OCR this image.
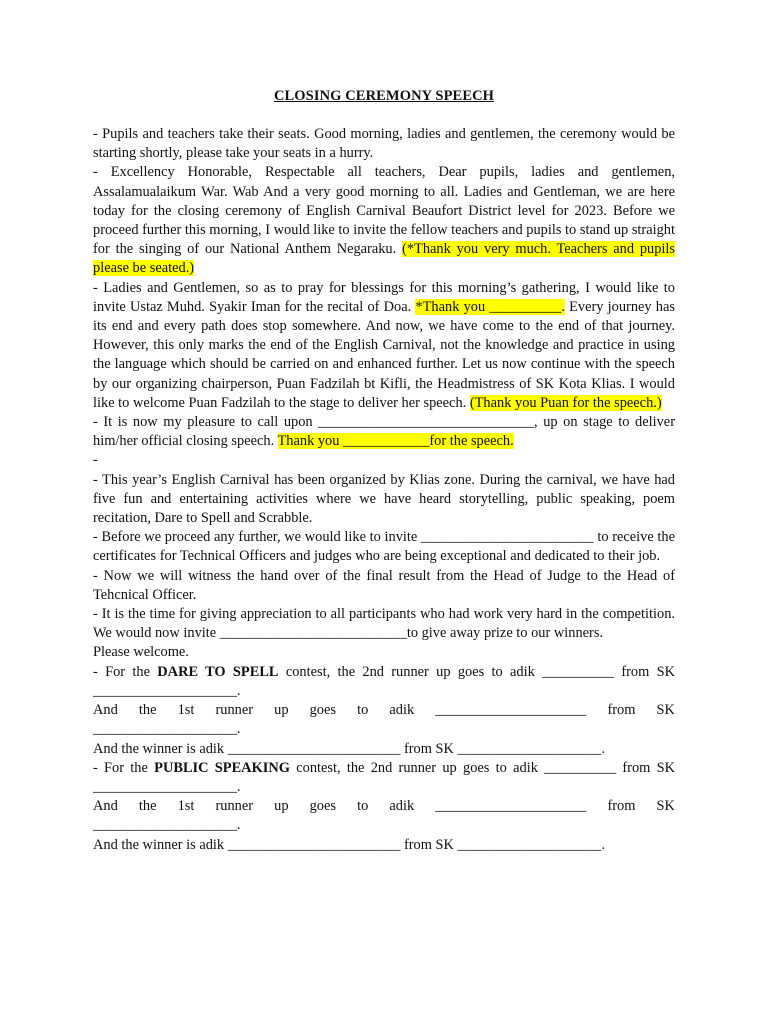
CLOSING CEREMONY SPEECH

- Pupils and teachers take their seats. Good morning, ladies and gentlemen, the ceremony would be starting shortly, please take your seats in a hurry.

- Excellency Honorable, Respectable all teachers, Dear pupils, ladies and gentlemen, Assalamualaikum War. Wab And a very good morning to all. Ladies and Gentleman, we are here today for the closing ceremony of English Carnival Beaufort District level for 2023. Before we proceed further this morning, I would like to invite the fellow teachers and pupils to stand up straight for the singing of our National Anthem Negaraku. (*Thank you very much. Teachers and pupils please be seated.)

- Ladies and Gentlemen, so as to pray for blessings for this morning’s gathering, I would like to invite Ustaz Muhd. Syakir Iman for the recital of Doa. *Thank you __________. Every journey has its end and every path does stop somewhere. And now, we have come to the end of that journey. However, this only marks the end of the English Carnival, not the knowledge and practice in using the language which should be carried on and enhanced further. Let us now continue with the speech by our organizing chairperson, Puan Fadzilah bt Kifli, the Headmistress of SK Kota Klias. I would like to welcome Puan Fadzilah to the stage to deliver her speech. (Thank you Puan for the speech.)

- It is now my pleasure to call upon ______________________________, up on stage to deliver him/her official closing speech. Thank you ____________for the speech.

-

- This year’s English Carnival has been organized by Klias zone. During the carnival, we have had five fun and entertaining activities where we have heard storytelling, public speaking, poem recitation, Dare to Spell and Scrabble.

- Before we proceed any further, we would like to invite ________________________ to receive the certificates for Technical Officers and judges who are being exceptional and dedicated to their job.

- Now we will witness the hand over of the final result from the Head of Judge to the Head of Tehcnical Officer.

- It is the time for giving appreciation to all participants who had work very hard in the competition. We would now invite __________________________to give away prize to our winners.

Please welcome.

- For the DARE TO SPELL contest, the 2nd runner up goes to adik __________ from SK ____________________.

And the 1st runner up goes to adik _____________________ from SK

____________________.

And the winner is adik ________________________ from SK ____________________.

- For the PUBLIC SPEAKING contest, the 2nd runner up goes to adik __________ from SK ____________________.

And the 1st runner up goes to adik _____________________ from SK

____________________.

And the winner is adik ________________________ from SK ____________________.
